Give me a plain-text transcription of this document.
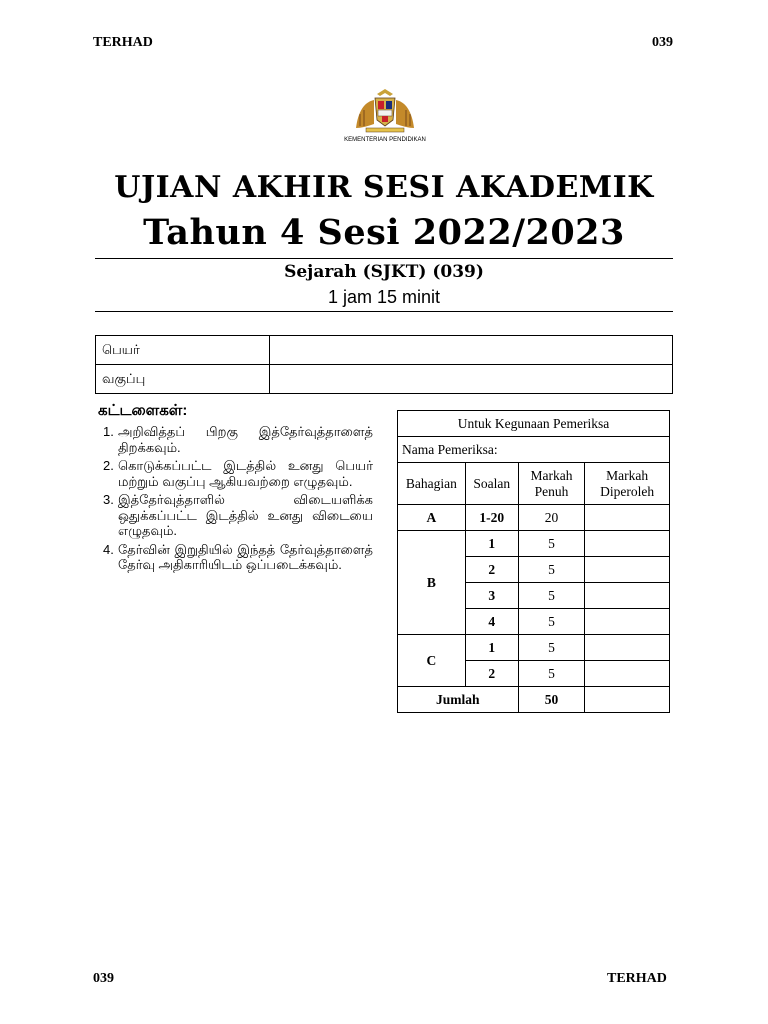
TERHAD	039
KEMENTERIAN PENDIDIKAN
UJIAN AKHIR SESI AKADEMIK
Tahun 4 Sesi 2022/2023
Sejarah (SJKT) (039)
1 jam 15 minit
பெயர்	
வகுப்பு	
கட்டளைகள்:
1. அறிவித்தப் பிறகு இத்தேர்வுத்தாளைத் திறக்கவும்.
2. கொடுக்கப்பட்ட இடத்தில் உனது பெயர் மற்றும் வகுப்பு ஆகியவற்றை எழுதவும்.
3. இத்தேர்வுத்தாளில் விடையளிக்க ஒதுக்கப்பட்ட இடத்தில் உனது விடையை எழுதவும்.
4. தேர்வின் இறுதியில் இந்தத் தேர்வுத்தாளைத் தேர்வு அதிகாரியிடம் ஒப்படைக்கவும்.
Untuk Kegunaan Pemeriksa			
Nama Pemeriksa:			
Bahagian	Soalan	Markah Penuh	Markah Diperoleh
A	1-20	20	
B	1	5	
	2	5	
	3	5	
	4	5	
C	1	5	
	2	5	
Jumlah		50	
039	TERHAD
